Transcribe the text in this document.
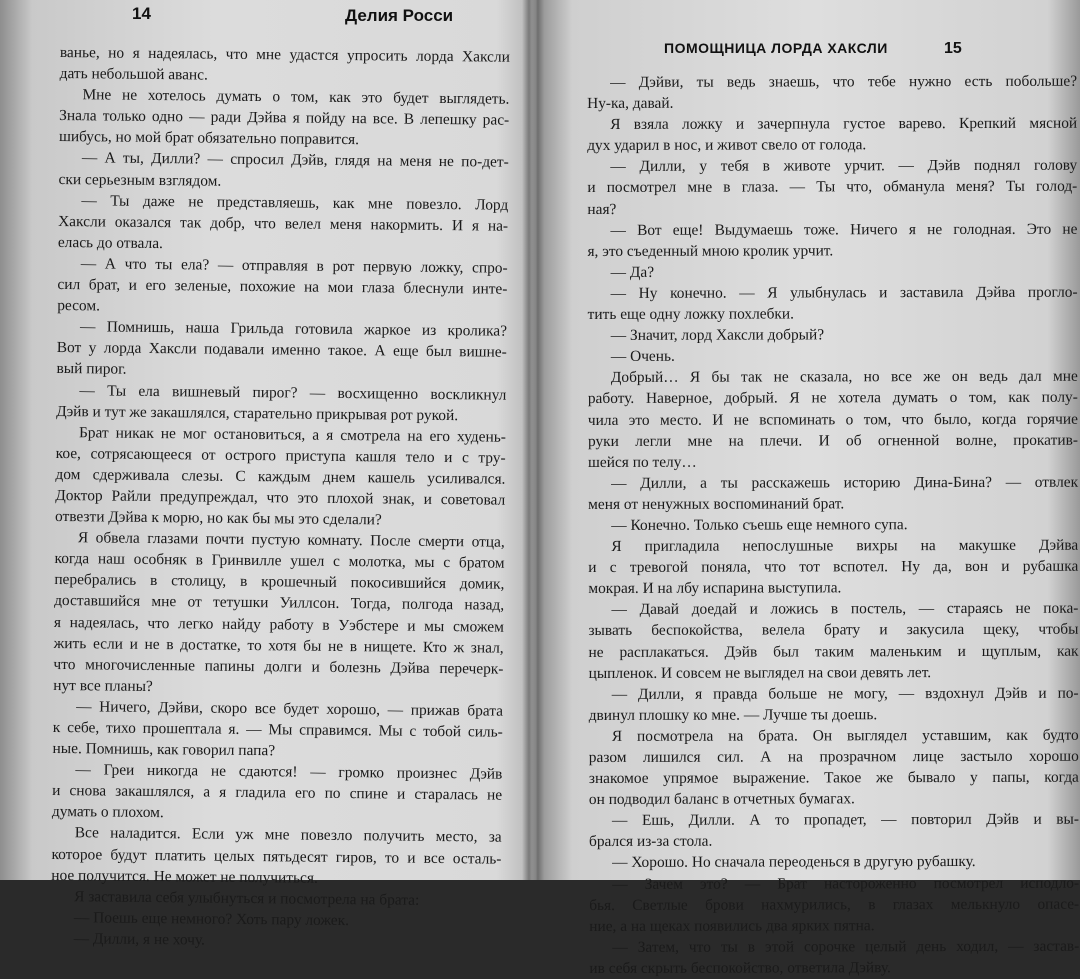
14	Делия Росси
ванье, но я надеялась, что мне удастся упросить лорда Хаксли
дать небольшой аванс.
  Мне не хотелось думать о том, как это будет выглядеть.
Знала только одно — ради Дэйва я пойду на все. В лепешку рас-
шибусь, но мой брат обязательно поправится.
  — А ты, Дилли? — спросил Дэйв, глядя на меня не по-дет-
ски серьезным взглядом.
  — Ты даже не представляешь, как мне повезло. Лорд
Хаксли оказался так добр, что велел меня накормить. И я на-
елась до отвала.
  — А что ты ела? — отправляя в рот первую ложку, спро-
сил брат, и его зеленые, похожие на мои глаза блеснули инте-
ресом.
  — Помнишь, наша Грильда готовила жаркое из кролика?
Вот у лорда Хаксли подавали именно такое. А еще был вишне-
вый пирог.
  — Ты ела вишневый пирог? — восхищенно воскликнул
Дэйв и тут же закашлялся, старательно прикрывая рот рукой.
  Брат никак не мог остановиться, а я смотрела на его худень-
кое, сотрясающееся от острого приступа кашля тело и с тру-
дом сдерживала слезы. С каждым днем кашель усиливался.
Доктор Райли предупреждал, что это плохой знак, и советовал
отвезти Дэйва к морю, но как бы мы это сделали?
  Я обвела глазами почти пустую комнату. После смерти отца,
когда наш особняк в Гринвилле ушел с молотка, мы с братом
перебрались в столицу, в крошечный покосившийся домик,
доставшийся мне от тетушки Уиллсон. Тогда, полгода назад,
я надеялась, что легко найду работу в Уэбстере и мы сможем
жить если и не в достатке, то хотя бы не в нищете. Кто ж знал,
что многочисленные папины долги и болезнь Дэйва перечерк-
нут все планы?
  — Ничего, Дэйви, скоро все будет хорошо, — прижав брата
к себе, тихо прошептала я. — Мы справимся. Мы с тобой силь-
ные. Помнишь, как говорил папа?
  — Греи никогда не сдаются! — громко произнес Дэйв
и снова закашлялся, а я гладила его по спине и старалась не
думать о плохом.
  Все наладится. Если уж мне повезло получить место, за
которое будут платить целых пятьдесят гиров, то и все осталь-
ное получится. Не может не получиться.
  Я заставила себя улыбнуться и посмотрела на брата:
  — Поешь еще немного? Хоть пару ложек.
  — Дилли, я не хочу.
ПОМОЩНИЦА ЛОРДА ХАКСЛИ	15
  — Дэйви, ты ведь знаешь, что тебе нужно есть побольше?
Ну-ка, давай.
  Я взяла ложку и зачерпнула густое варево. Крепкий мясной
дух ударил в нос, и живот свело от голода.
  — Дилли, у тебя в животе урчит. — Дэйв поднял голову
и посмотрел мне в глаза. — Ты что, обманула меня? Ты голод-
ная?
  — Вот еще! Выдумаешь тоже. Ничего я не голодная. Это не
я, это съеденный мною кролик урчит.
  — Да?
  — Ну конечно. — Я улыбнулась и заставила Дэйва прогло-
тить еще одну ложку похлебки.
  — Значит, лорд Хаксли добрый?
  — Очень.
  Добрый… Я бы так не сказала, но все же он ведь дал мне
работу. Наверное, добрый. Я не хотела думать о том, как полу-
чила это место. И не вспоминать о том, что было, когда горячие
руки легли мне на плечи. И об огненной волне, прокатив-
шейся по телу…
  — Дилли, а ты расскажешь историю Дина-Бина? — отвлек
меня от ненужных воспоминаний брат.
  — Конечно. Только съешь еще немного супа.
  Я пригладила непослушные вихры на макушке Дэйва
и с тревогой поняла, что тот вспотел. Ну да, вон и рубашка
мокрая. И на лбу испарина выступила.
  — Давай доедай и ложись в постель, — стараясь не пока-
зывать беспокойства, велела брату и закусила щеку, чтобы
не расплакаться. Дэйв был таким маленьким и щуплым, как
цыпленок. И совсем не выглядел на свои девять лет.
  — Дилли, я правда больше не могу, — вздохнул Дэйв и по-
двинул плошку ко мне. — Лучше ты доешь.
  Я посмотрела на брата. Он выглядел уставшим, как будто
разом лишился сил. А на прозрачном лице застыло хорошо
знакомое упрямое выражение. Такое же бывало у папы, когда
он подводил баланс в отчетных бумагах.
  — Ешь, Дилли. А то пропадет, — повторил Дэйв и вы-
брался из-за стола.
  — Хорошо. Но сначала переоденься в другую рубашку.
  — Зачем это? — Брат настороженно посмотрел исподло-
бья. Светлые брови нахмурились, в глазах мелькнуло опасе-
ние, а на щеках появились два ярких пятна.
  — Затем, что ты в этой сорочке целый день ходил, — застав-
ив себя скрыть беспокойство, ответила Дэйву.
